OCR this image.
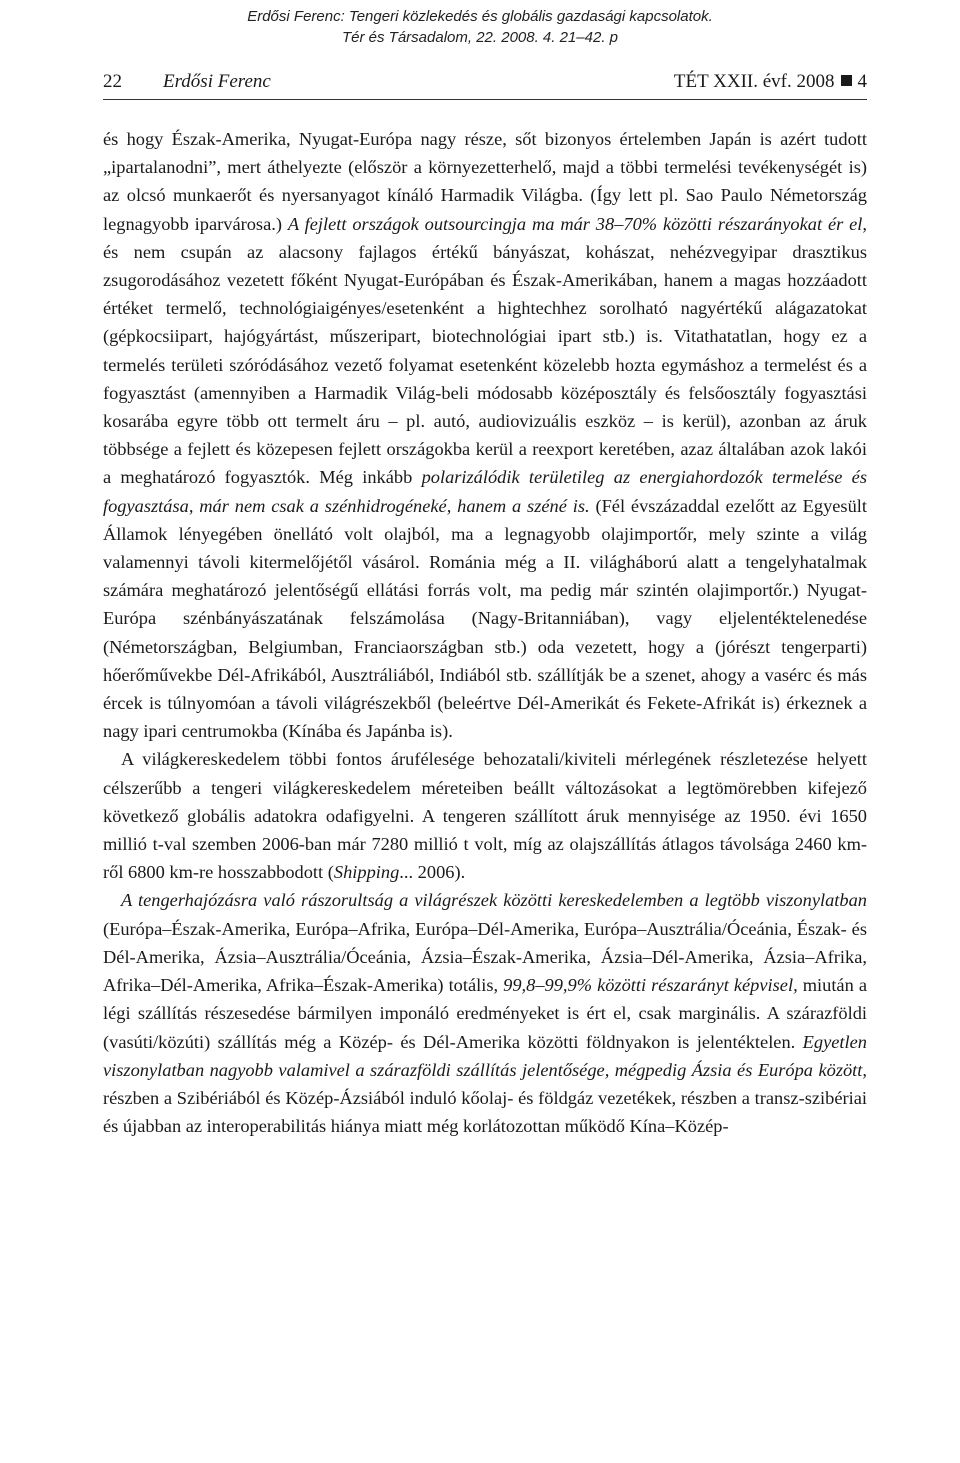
Erdősi Ferenc: Tengeri közlekedés és globális gazdasági kapcsolatok.
Tér és Társadalom, 22. 2008. 4. 21–42. p
22 Erdősi Ferenc	TÉT XXII. évf. 2008 4

és hogy Észak-Amerika, Nyugat-Európa nagy része, sőt bizonyos értelemben Japán is azért tudott „ipartalanodni”, mert áthelyezte (először a környezetterhelő, majd a többi termelési tevékenységét is) az olcsó munkaerőt és nyersanyagot kínáló Harmadik Világba. (Így lett pl. Sao Paulo Németország legnagyobb iparvárosa.) A fejlett országok outsourcingja ma már 38–70% közötti részarányokat ér el, és nem csupán az alacsony fajlagos értékű bányászat, kohászat, nehézvegyipar drasztikus zsugorodásához vezetett főként Nyugat-Európában és Észak-Amerikában, hanem a magas hozzáadott értéket termelő, technológiaigényes/esetenként a hightechhez sorolható nagyértékű alágazatokat (gépkocsiipart, hajógyártást, műszeripart, biotechnológiai ipart stb.) is. Vitathatatlan, hogy ez a termelés területi szóródásához vezető folyamat esetenként közelebb hozta egymáshoz a termelést és a fogyasztást (amennyiben a Harmadik Világ-beli módosabb középosztály és felsőosztály fogyasztási kosarába egyre több ott termelt áru – pl. autó, audiovizuális eszköz – is kerül), azonban az áruk többsége a fejlett és közepesen fejlett országokba kerül a reexport keretében, azaz általában azok lakói a meghatározó fogyasztók. Még inkább polarizálódik területileg az energiahordozók termelése és fogyasztása, már nem csak a szénhidrogéneké, hanem a széné is. (Fél évszázaddal ezelőtt az Egyesült Államok lényegében önellátó volt olajból, ma a legnagyobb olajimportőr, mely szinte a világ valamennyi távoli kitermelőjétől vásárol. Románia még a II. világháború alatt a tengelyhatalmak számára meghatározó jelentőségű ellátási forrás volt, ma pedig már szintén olajimportőr.) Nyugat-Európa szénbányászatának felszámolása (Nagy-Britanniában), vagy eljelentéktelenedése (Németországban, Belgiumban, Franciaországban stb.) oda vezetett, hogy a (jórészt tengerparti) hőerőművekbe Dél-Afrikából, Ausztráliából, Indiából stb. szállítják be a szenet, ahogy a vasérc és más ércek is túlnyomóan a távoli világrészekből (beleértve Dél-Amerikát és Fekete-Afrikát is) érkeznek a nagy ipari centrumokba (Kínába és Japánba is).

A világkereskedelem többi fontos árufélesége behozatali/kiviteli mérlegének részletezése helyett célszerűbb a tengeri világkereskedelem méreteiben beállt változásokat a legtömörebben kifejező következő globális adatokra odafigyelni. A tengeren szállított áruk mennyisége az 1950. évi 1650 millió t-val szemben 2006-ban már 7280 millió t volt, míg az olajszállítás átlagos távolsága 2460 km-ről 6800 km-re hosszabbodott (Shipping... 2006).

A tengerhajózásra való rászorultság a világrészek közötti kereskedelemben a legtöbb viszonylatban (Európa–Észak-Amerika, Európa–Afrika, Európa–Dél-Amerika, Európa–Ausztrália/Óceánia, Észak- és Dél-Amerika, Ázsia–Ausztrália/Óceánia, Ázsia–Észak-Amerika, Ázsia–Dél-Amerika, Ázsia–Afrika, Afrika–Dél-Amerika, Afrika–Észak-Amerika) totális, 99,8–99,9% közötti részarányt képvisel, miután a légi szállítás részesedése bármilyen imponáló eredményeket is ért el, csak marginális. A szárazföldi (vasúti/közúti) szállítás még a Közép- és Dél-Amerika közötti földnyakon is jelentéktelen. Egyetlen viszonylatban nagyobb valamivel a szárazföldi szállítás jelentősége, mégpedig Ázsia és Európa között, részben a Szibériából és Közép-Ázsiából induló kőolaj- és földgáz vezetékek, részben a transz-szibériai és újabban az interoperabilitás hiánya miatt még korlátozottan működő Kína–Közép-
